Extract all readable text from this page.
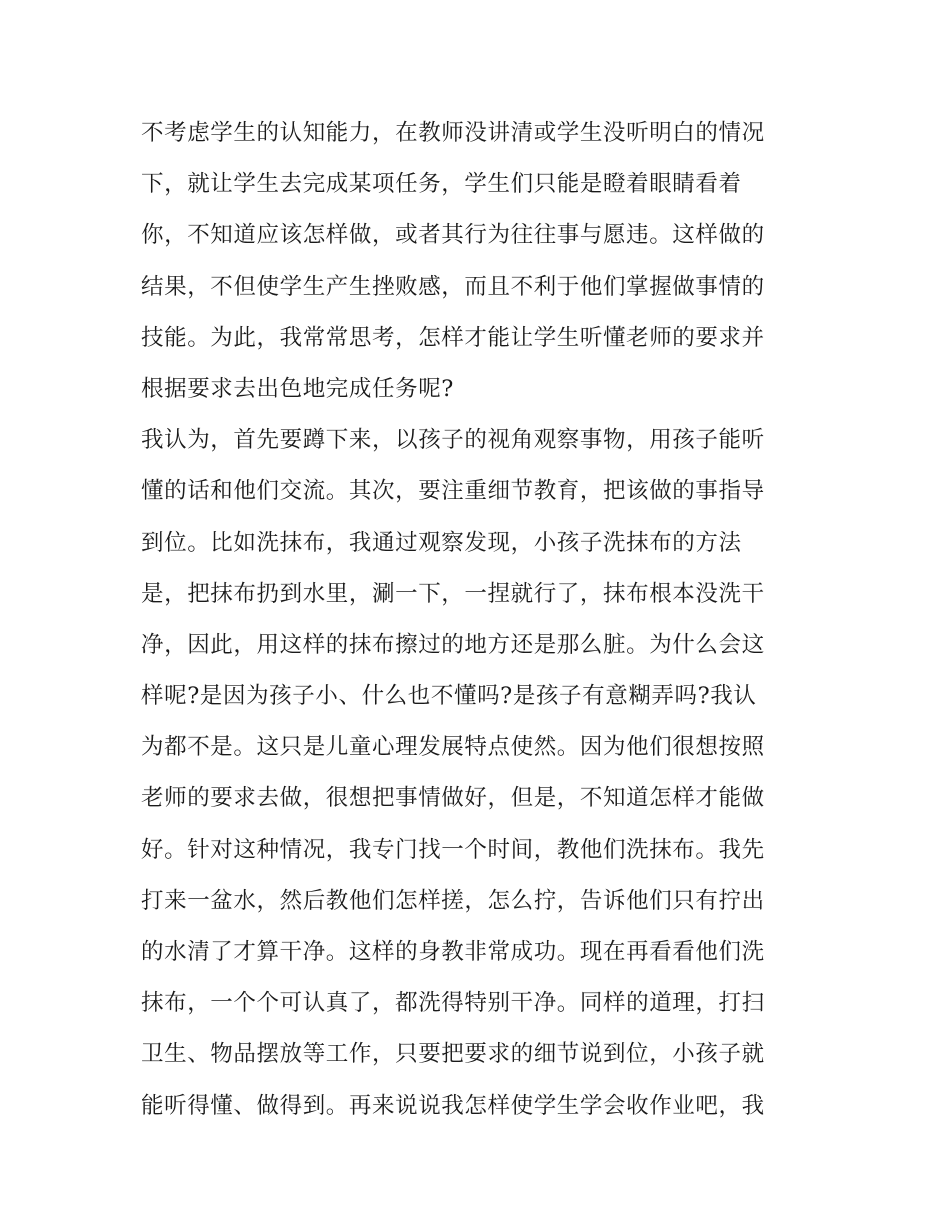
不考虑学生的认知能力，在教师没讲清或学生没听明白的情况
下，就让学生去完成某项任务，学生们只能是瞪着眼睛看着
你，不知道应该怎样做，或者其行为往往事与愿违。这样做的
结果，不但使学生产生挫败感，而且不利于他们掌握做事情的
技能。为此，我常常思考，怎样才能让学生听懂老师的要求并
根据要求去出色地完成任务呢?
我认为，首先要蹲下来，以孩子的视角观察事物，用孩子能听
懂的话和他们交流。其次，要注重细节教育，把该做的事指导
到位。比如洗抹布，我通过观察发现，小孩子洗抹布的方法
是，把抹布扔到水里，涮一下，一捏就行了，抹布根本没洗干
净，因此，用这样的抹布擦过的地方还是那么脏。为什么会这
样呢?是因为孩子小、什么也不懂吗?是孩子有意糊弄吗?我认
为都不是。这只是儿童心理发展特点使然。因为他们很想按照
老师的要求去做，很想把事情做好，但是，不知道怎样才能做
好。针对这种情况，我专门找一个时间，教他们洗抹布。我先
打来一盆水，然后教他们怎样搓，怎么拧，告诉他们只有拧出
的水清了才算干净。这样的身教非常成功。现在再看看他们洗
抹布，一个个可认真了，都洗得特别干净。同样的道理，打扫
卫生、物品摆放等工作，只要把要求的细节说到位，小孩子就
能听得懂、做得到。再来说说我怎样使学生学会收作业吧，我
